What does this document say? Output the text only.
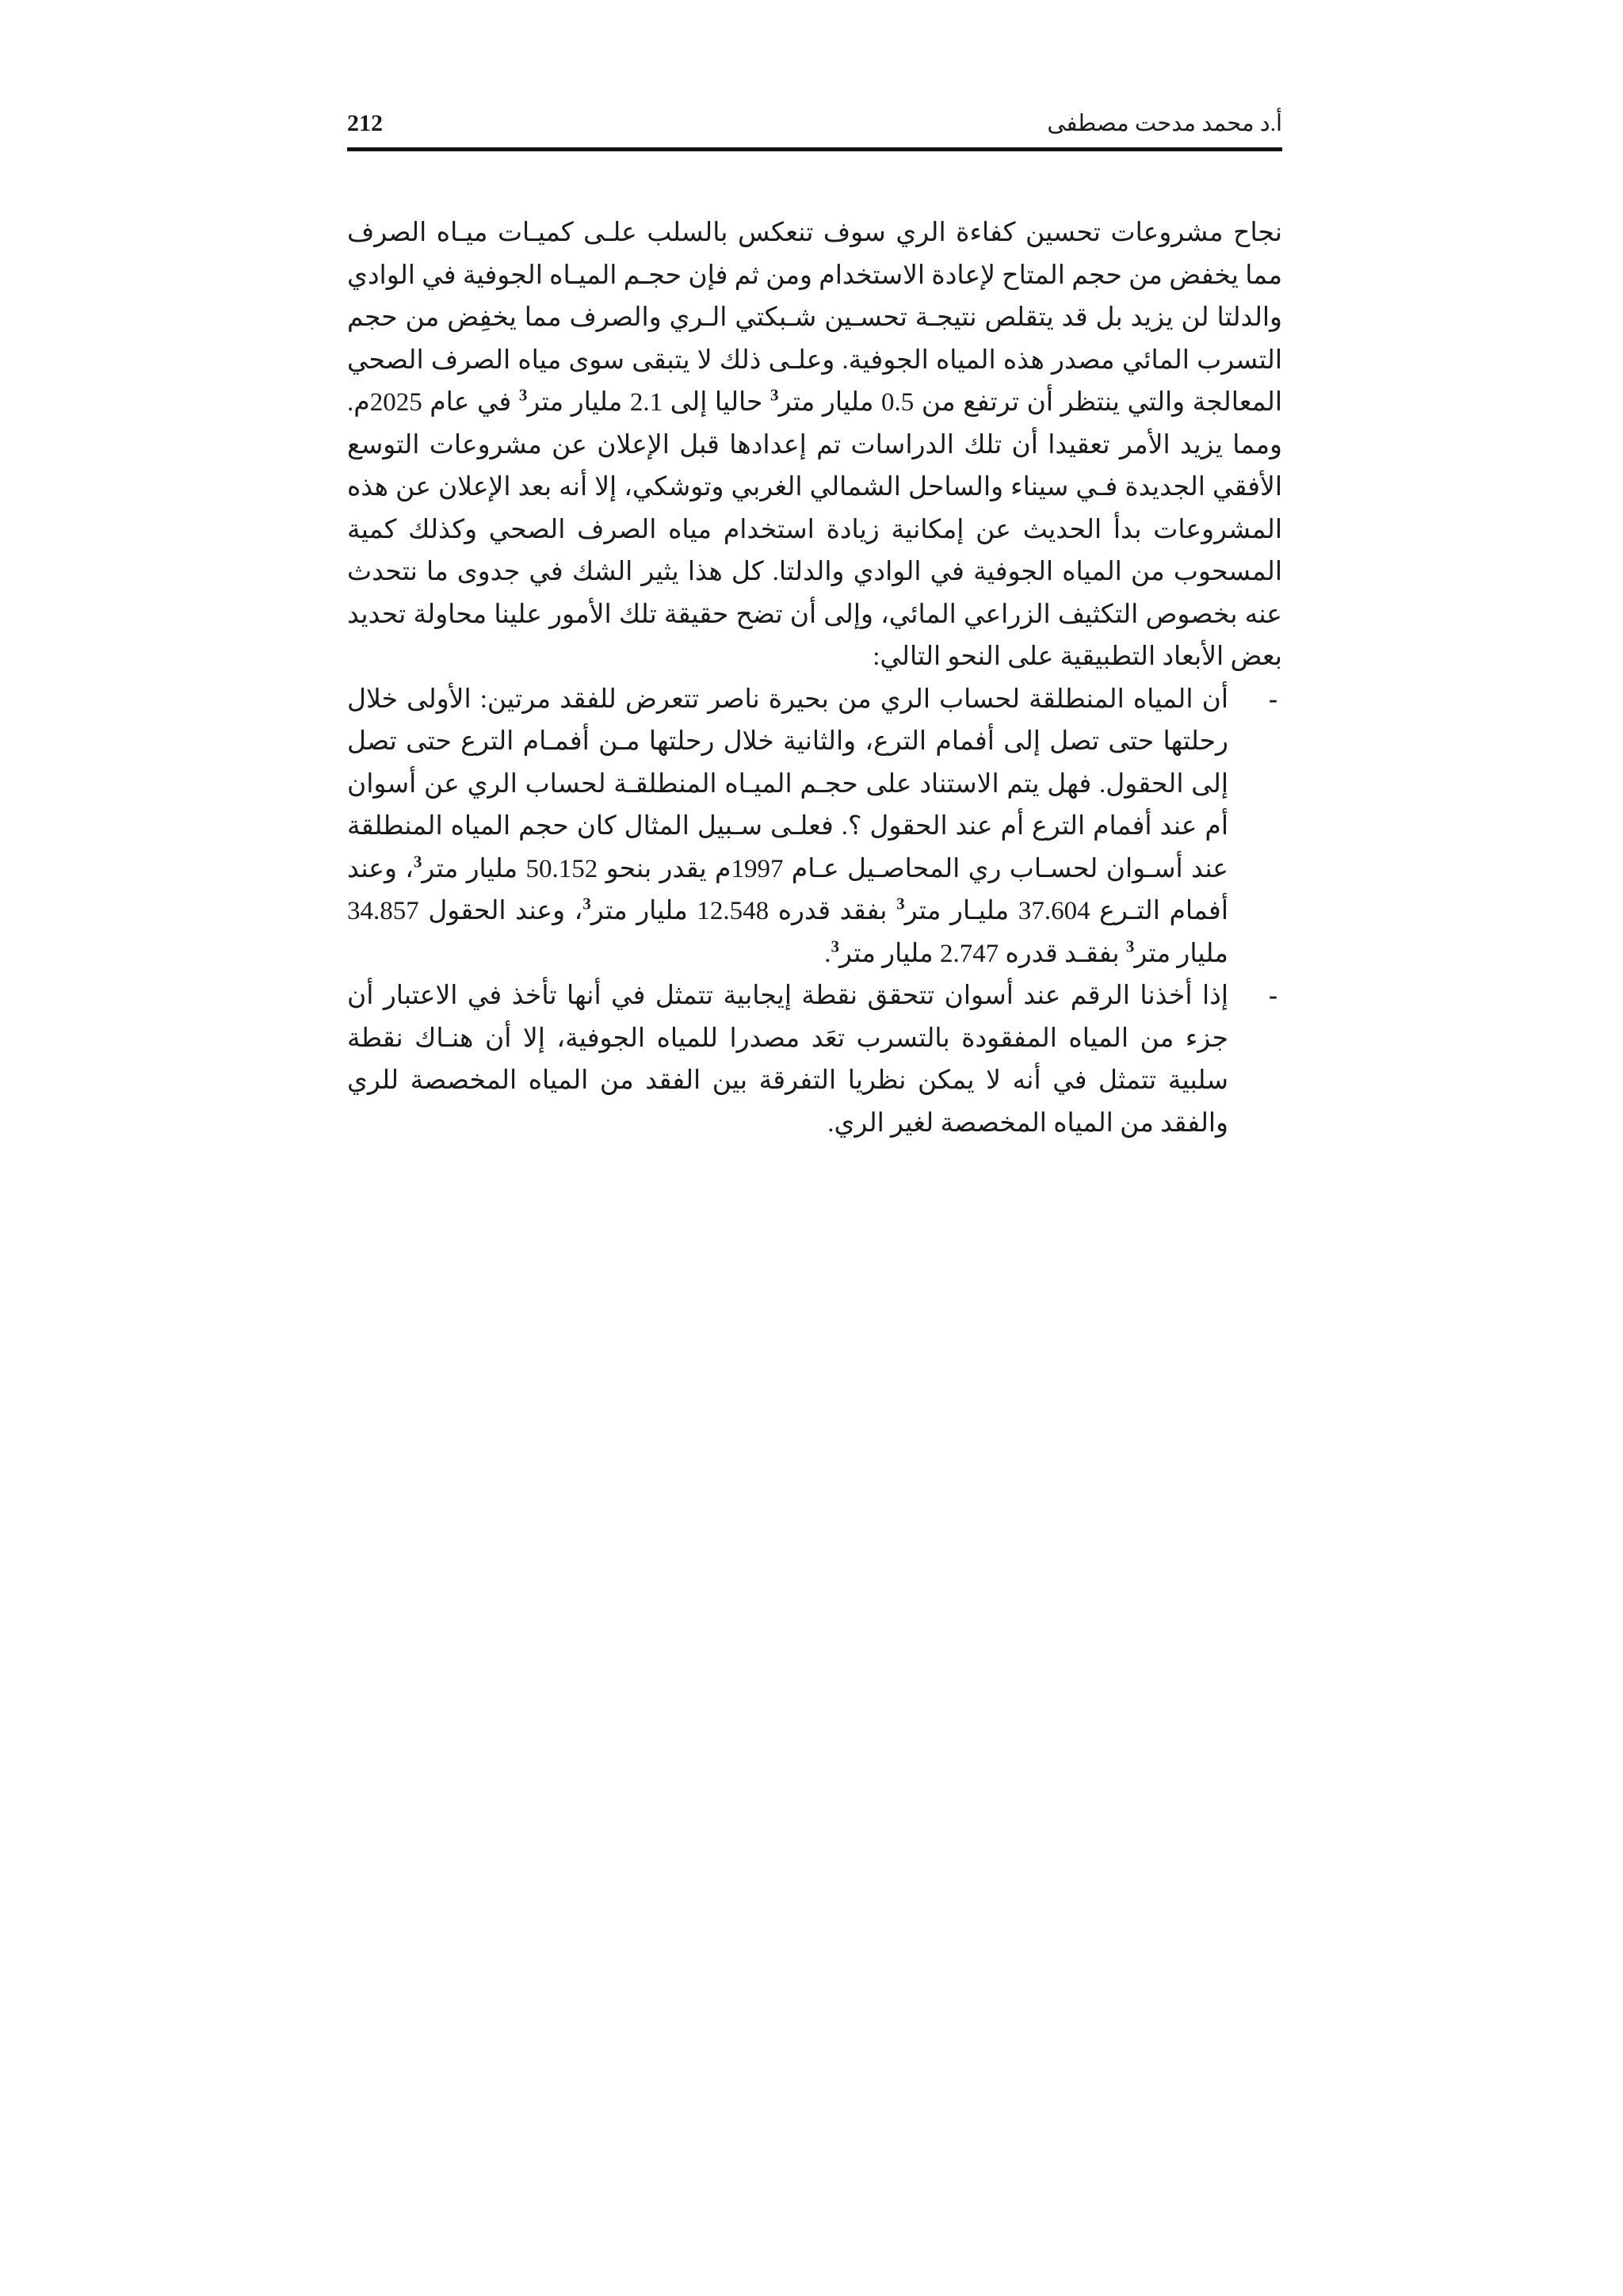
212	أ.د محمد مدحت مصطفى

نجاح مشروعات تحسين كفاءة الري سوف تنعكس بالسلب علـى كميـات ميـاه الصرف مما يخفض من حجم المتاح لإعادة الاستخدام ومن ثم فإن حجـم الميـاه الجوفية في الوادي والدلتا لن يزيد بل قد يتقلص نتيجـة تحسـين شـبكتي الـري والصرف مما يخفِض من حجم التسرب المائي مصدر هذه المياه الجوفية. وعلـى ذلك لا يتبقى سوى مياه الصرف الصحي المعالجة والتي ينتظر أن ترتفع من 0.5 مليار متر$^3$ حاليا إلى 2.1 مليار متر$^3$ في عام 2025م. ومما يزيد الأمر تعقيدا أن تلك الدراسات تم إعدادها قبل الإعلان عن مشروعات التوسع الأفقي الجديدة فـي سيناء والساحل الشمالي الغربي وتوشكي، إلا أنه بعد الإعلان عن هذه المشروعات بدأ الحديث عن إمكانية زيادة استخدام مياه الصرف الصحي وكذلك كمية المسحوب من المياه الجوفية في الوادي والدلتا. كل هذا يثير الشك في جدوى ما نتحدث عنه بخصوص التكثيف الزراعي المائي، وإلى أن تضح حقيقة تلك الأمور علينا محاولة تحديد بعض الأبعاد التطبيقية على النحو التالي:

-
أن المياه المنطلقة لحساب الري من بحيرة ناصر تتعرض للفقد مرتين: الأولى خلال رحلتها حتى تصل إلى أفمام الترع، والثانية خلال رحلتها مـن أفمـام الترع حتى تصل إلى الحقول. فهل يتم الاستناد على حجـم الميـاه المنطلقـة لحساب الري عن أسوان أم عند أفمام الترع أم عند الحقول ؟. فعلـى سـبيل المثال كان حجم المياه المنطلقة عند أسـوان لحسـاب ري المحاصـيل عـام 1997م يقدر بنحو 50.152 مليار متر$^3$، وعند أفمام التـرع 37.604 مليـار متر$^3$ بفقد قدره 12.548 مليار متر$^3$، وعند الحقول 34.857 مليار متر$^3$ بفقـد قدره 2.747 مليار متر$^3$.
-
إذا أخذنا الرقم عند أسوان تتحقق نقطة إيجابية تتمثل في أنها تأخذ في الاعتبار أن جزء من المياه المفقودة بالتسرب تعَد مصدرا للمياه الجوفية، إلا أن هنـاك نقطة سلبية تتمثل في أنه لا يمكن نظريا التفرقة بين الفقد من المياه المخصصة للري والفقد من المياه المخصصة لغير الري.
